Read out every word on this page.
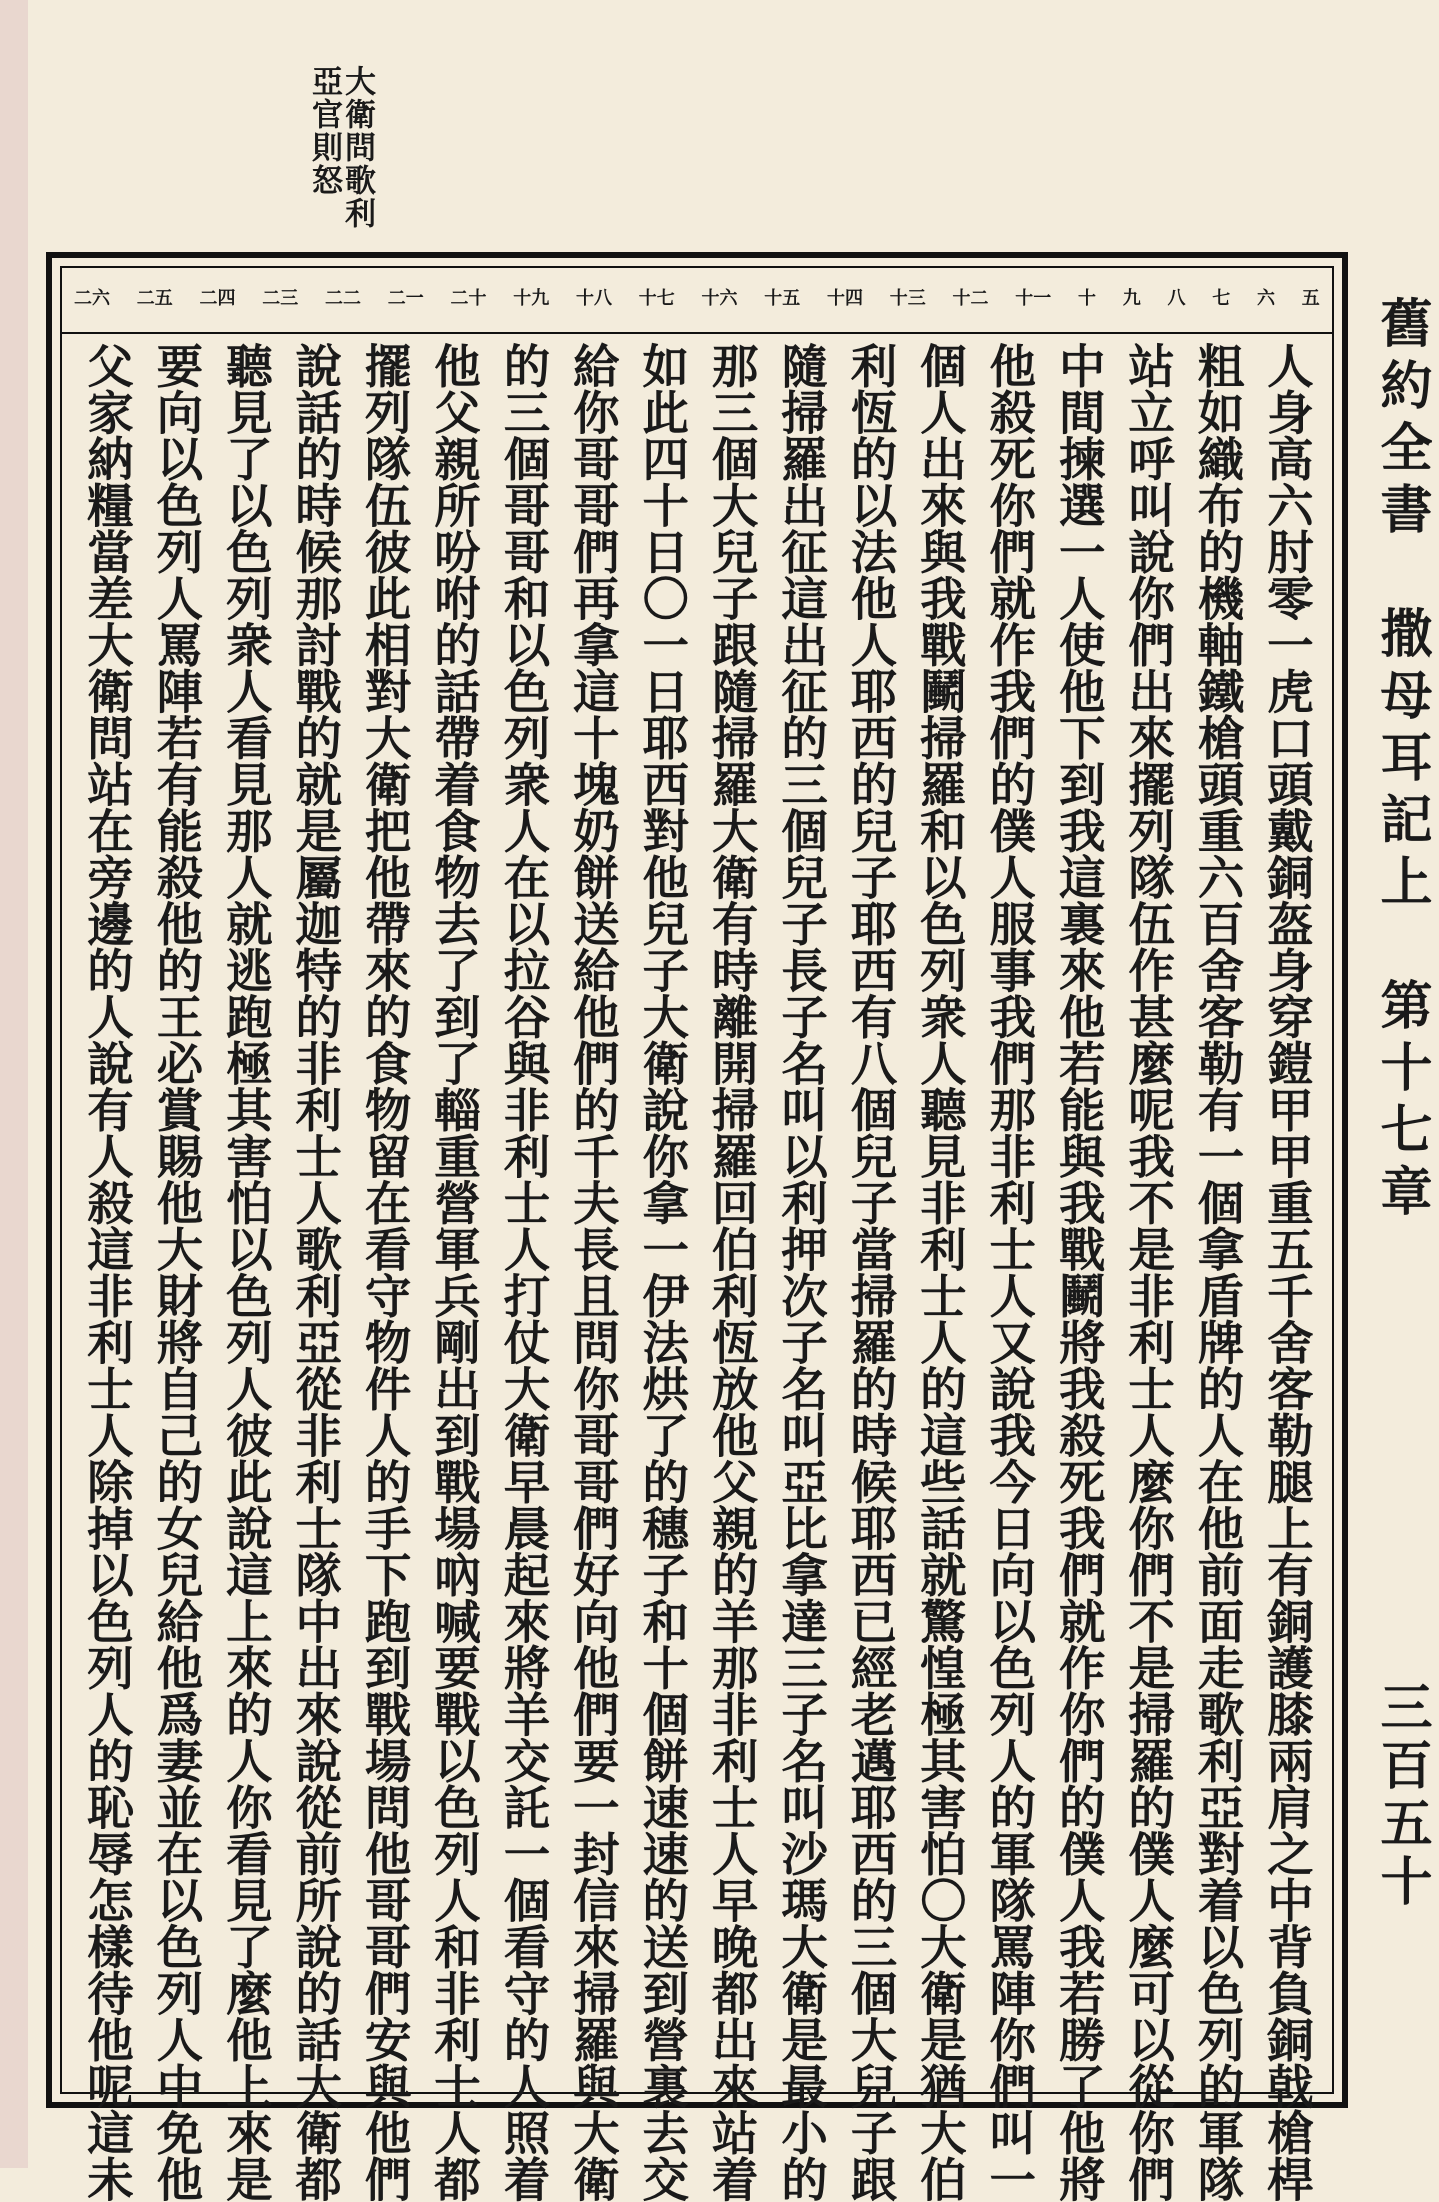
大衛問歌利
亞官則怒
五
六
七
八
九
十
十一
十二
十三
十四
十五
十六
十七
十八
十九
二十
二一
二二
二三
二四
二五
二六
人身高六肘零一虎口頭戴銅盔身穿鎧甲甲重五千舍客勒腿上有銅護膝兩肩之中背負銅戟槍桿
粗如織布的機軸鐵槍頭重六百舍客勒有一個拿盾牌的人在他前面走歌利亞對着以色列的軍隊
站立呼叫說你們出來擺列隊伍作甚麼呢我不是非利士人麼你們不是掃羅的僕人麼可以從你們
中間揀選一人使他下到我這裏來他若能與我戰鬭將我殺死我們就作你們的僕人我若勝了他將
他殺死你們就作我們的僕人服事我們那非利士人又說我今日向以色列人的軍隊罵陣你們叫一
個人出來與我戰鬭掃羅和以色列衆人聽見非利士人的這些話就驚惶極其害怕〇大衛是猶大伯
利恆的以法他人耶西的兒子耶西有八個兒子當掃羅的時候耶西已經老邁耶西的三個大兒子跟
隨掃羅出征這出征的三個兒子長子名叫以利押次子名叫亞比拿達三子名叫沙瑪大衛是最小的
那三個大兒子跟隨掃羅大衛有時離開掃羅回伯利恆放他父親的羊那非利士人早晚都出來站着
如此四十日〇一日耶西對他兒子大衛說你拿一伊法烘了的穗子和十個餅速速的送到營裏去交
給你哥哥們再拿這十塊奶餅送給他們的千夫長且問你哥哥們好向他們要一封信來掃羅與大衛
的三個哥哥和以色列衆人在以拉谷與非利士人打仗大衛早晨起來將羊交託一個看守的人照着
他父親所吩咐的話帶着食物去了到了輜重營軍兵剛出到戰場吶喊要戰以色列人和非利士人都
擺列隊伍彼此相對大衛把他帶來的食物留在看守物件人的手下跑到戰場問他哥哥們安與他們
說話的時候那討戰的就是屬迦特的非利士人歌利亞從非利士隊中出來說從前所說的話大衛都
聽見了以色列衆人看見那人就逃跑極其害怕以色列人彼此說這上來的人你看見了麼他上來是
要向以色列人罵陣若有能殺他的王必賞賜他大財將自己的女兒給他爲妻並在以色列人中免他
父家納糧當差大衛問站在旁邊的人說有人殺這非利士人除掉以色列人的恥辱怎樣待他呢這未	舊約全書　撒母耳記上　第十七章
三百五十
